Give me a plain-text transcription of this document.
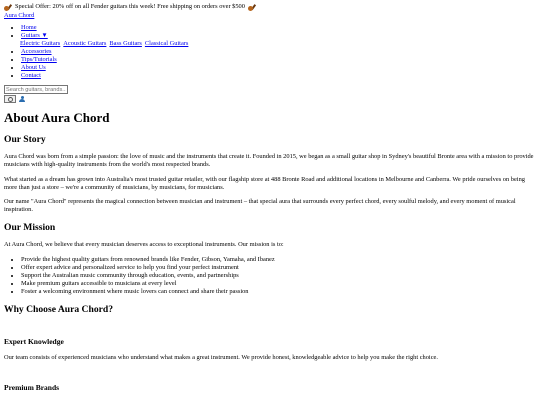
Special Offer: 20% off on all Fender guitars this week! Free shipping on orders over $500
Aura Chord
• Home
• Guitars ▼
Electric Guitars Acoustic Guitars Bass Guitars Classical Guitars
• Accessories
• Tips/Tutorials
• About Us
• Contact
Search guitars, brands...
About Aura Chord
Our Story

Aura Chord was born from a simple passion: the love of music and the instruments that create it. Founded in 2015, we began as a small guitar shop in Sydney's beautiful Bronte area with a mission to provide musicians with high-quality instruments from the world's most respected brands.

What started as a dream has grown into Australia's most trusted guitar retailer, with our flagship store at 488 Bronte Road and additional locations in Melbourne and Canberra. We pride ourselves on being more than just a store – we're a community of musicians, by musicians, for musicians.

Our name "Aura Chord" represents the magical connection between musician and instrument – that special aura that surrounds every perfect chord, every soulful melody, and every moment of musical inspiration.

Our Mission

At Aura Chord, we believe that every musician deserves access to exceptional instruments. Our mission is to:

• Provide the highest quality guitars from renowned brands like Fender, Gibson, Yamaha, and Ibanez
• Offer expert advice and personalized service to help you find your perfect instrument
• Support the Australian music community through education, events, and partnerships
• Make premium guitars accessible to musicians at every level
• Foster a welcoming environment where music lovers can connect and share their passion
Why Choose Aura Chord?
Expert Knowledge

Our team consists of experienced musicians who understand what makes a great instrument. We provide honest, knowledgeable advice to help you make the right choice.

Premium Brands
